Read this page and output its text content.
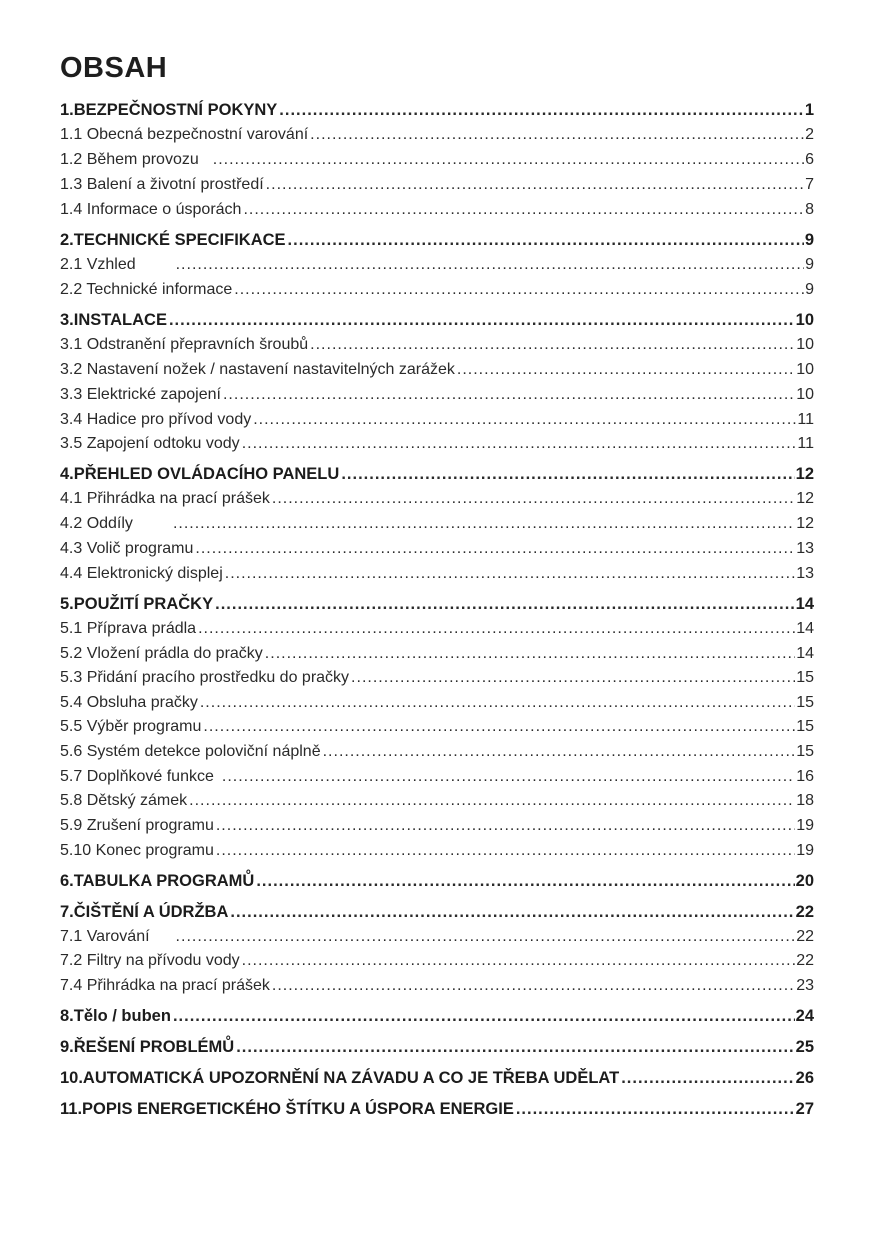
OBSAH
1.BEZPEČNOSTNÍ POKYNY .....	1
1.1 Obecná bezpečnostní varování .....	2
1.2 Během provozu .....	6
1.3 Balení a životní prostředí .....	7
1.4 Informace o úsporách .....	8
2.TECHNICKÉ SPECIFIKACE .....	9
2.1 Vzhled .....	9
2.2 Technické informace .....	9
3.INSTALACE .....	10
3.1 Odstranění přepravních šroubů .....	10
3.2 Nastavení nožek / nastavení nastavitelných zarážek .....	10
3.3 Elektrické zapojení .....	10
3.4 Hadice pro přívod vody .....	11
3.5 Zapojení odtoku vody .....	11
4.PŘEHLED OVLÁDACÍHO PANELU .....	12
4.1 Přihrádka na prací prášek .....	12
4.2 Oddíly .....	12
4.3 Volič programu .....	13
4.4 Elektronický displej .....	13
5.POUŽITÍ PRAČKY .....	14
5.1 Příprava prádla .....	14
5.2 Vložení prádla do pračky .....	14
5.3 Přidání pracího prostředku do pračky .....	15
5.4 Obsluha pračky .....	15
5.5 Výběr programu .....	15
5.6 Systém detekce poloviční náplně .....	15
5.7 Doplňkové funkce .....	16
5.8 Dětský zámek .....	18
5.9 Zrušení programu .....	19
5.10 Konec programu .....	19
6.TABULKA PROGRAMŮ .....	20
7.ČIŠTĚNÍ A ÚDRŽBA .....	22
7.1 Varování .....	22
7.2 Filtry na přívodu vody .....	22
7.4 Přihrádka na prací prášek .....	23
8.Tělo / buben .....	24
9.ŘEŠENÍ PROBLÉMŮ .....	25
10.AUTOMATICKÁ UPOZORNĚNÍ NA ZÁVADU A CO JE TŘEBA UDĚLAT .....	26
11.POPIS ENERGETICKÉHO ŠTÍTKU A ÚSPORA ENERGIE .....	27
